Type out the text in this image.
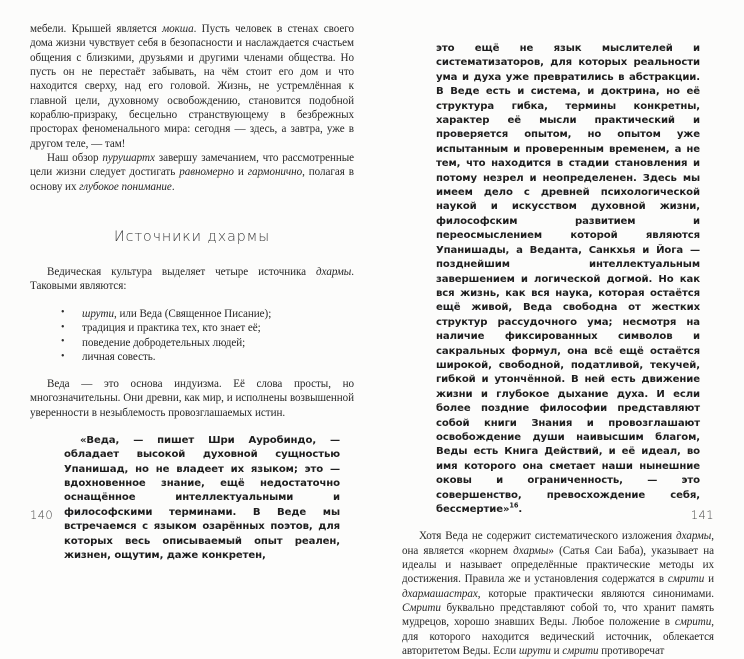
мебели. Крышей является мокша. Пусть человек в стенах своего дома жизни чувствует себя в безопасности и наслаждается счастьем общения с близкими, друзьями и другими членами общества. Но пусть он не перестаёт забывать, на чём стоит его дом и что находится сверху, над его головой. Жизнь, не устремлённая к главной цели, духовному освобождению, становится подобной кораблю-призраку, бесцельно странствующему в безбрежных просторах феноменального мира: сегодня — здесь, а завтра, уже в другом теле, — там!

Наш обзор пурушартх завершу замечанием, что рассмотренные цели жизни следует достигать равномерно и гармонично, полагая в основу их глубокое понимание.

Источники дхармы

Ведическая культура выделяет четыре источника дхармы. Таковыми являются:

• шрути, или Веда (Священное Писание);
• традиция и практика тех, кто знает её;
• поведение добродетельных людей;
• личная совесть.

Веда — это основа индуизма. Её слова просты, но многозначительны. Они древни, как мир, и исполнены возвышенной уверенности в незыблемость провозглашаемых истин.

«Веда, — пишет Шри Ауробиндо, — обладает высокой духовной сущностью Упанишад, но не владеет их языком; это — вдохновенное знание, ещё недостаточно оснащённое интеллектуальными и философскими терминами. В Веде мы встречаемся с языком озарённых поэтов, для которых весь описываемый опыт реален, жизнен, ощутим, даже конкретен,

140

это ещё не язык мыслителей и систематизаторов, для которых реальности ума и духа уже превратились в абстракции. В Веде есть и система, и доктрина, но её структура гибка, термины конкретны, характер её мысли практический и проверяется опытом, но опытом уже испытанным и проверенным временем, а не тем, что находится в стадии становления и потому незрел и неопределенен. Здесь мы имеем дело с древней психологической наукой и искусством духовной жизни, философским развитием и переосмыслением которой являются Упанишады, а Веданта, Санкхья и Йога — позднейшим интеллектуальным завершением и логической догмой. Но как вся жизнь, как вся наука, которая остаётся ещё живой, Веда свободна от жестких структур рассудочного ума; несмотря на наличие фиксированных символов и сакральных формул, она всё ещё остаётся широкой, свободной, податливой, текучей, гибкой и утончённой. В ней есть движение жизни и глубокое дыхание духа. И если более поздние философии представляют собой книги Знания и провозглашают освобождение души наивысшим благом, Веды есть Книга Действий, и её идеал, во имя которого она сметает наши нынешние оковы и ограниченность, — это совершенство, превосхождение себя, бессмертие»$^{16}$.

Хотя Веда не содержит систематического изложения дхармы, она является «корнем дхармы» (Сатья Саи Баба), указывает на идеалы и называет определённые практические методы их достижения. Правила же и установления содержатся в смрити и дхармашастрах, которые практически являются синонимами. Смрити буквально представляют собой то, что хранит память мудрецов, хорошо знавших Веды. Любое положение в смрити, для которого находится ведический источник, облекается авторитетом Веды. Если шрути и смрити противоречат

141
